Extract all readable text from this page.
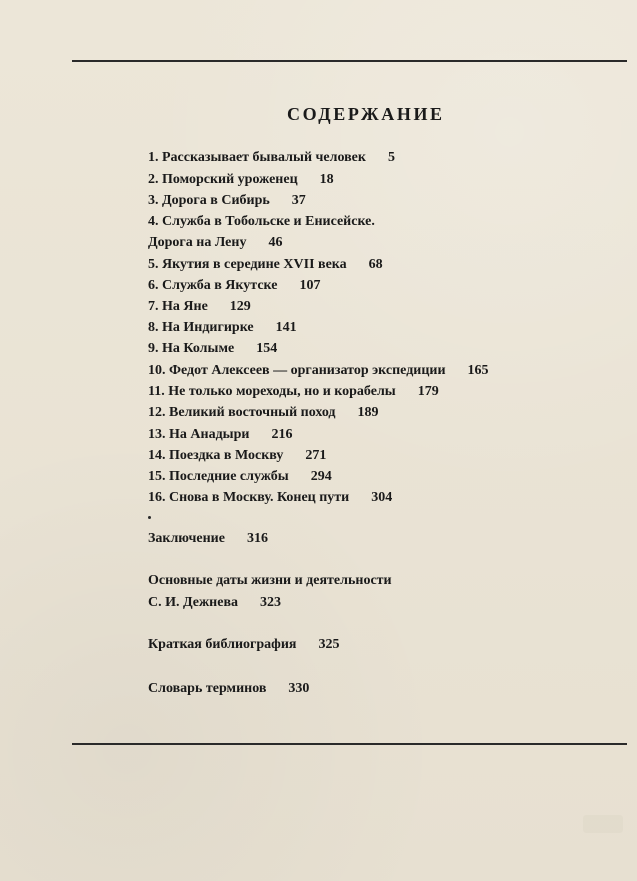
СОДЕРЖАНИЕ
1. Рассказывает бывалый человек 5
2. Поморский уроженец 18
3. Дорога в Сибирь 37
4. Служба в Тобольске и Енисейске.
Дорога на Лену 46
5. Якутия в середине XVII века 68
6. Служба в Якутске 107
7. На Яне 129
8. На Индигирке 141
9. На Колыме 154
10. Федот Алексеев — организатор экспедиции 165
11. Не только мореходы, но и корабелы 179
12. Великий восточный поход 189
13. На Анадыри 216
14. Поездка в Москву 271
15. Последние службы 294
16. Снова в Москву. Конец пути 304
Заключение 316
Основные даты жизни и деятельности
С. И. Дежнева 323
Краткая библиография 325
Словарь терминов 330
